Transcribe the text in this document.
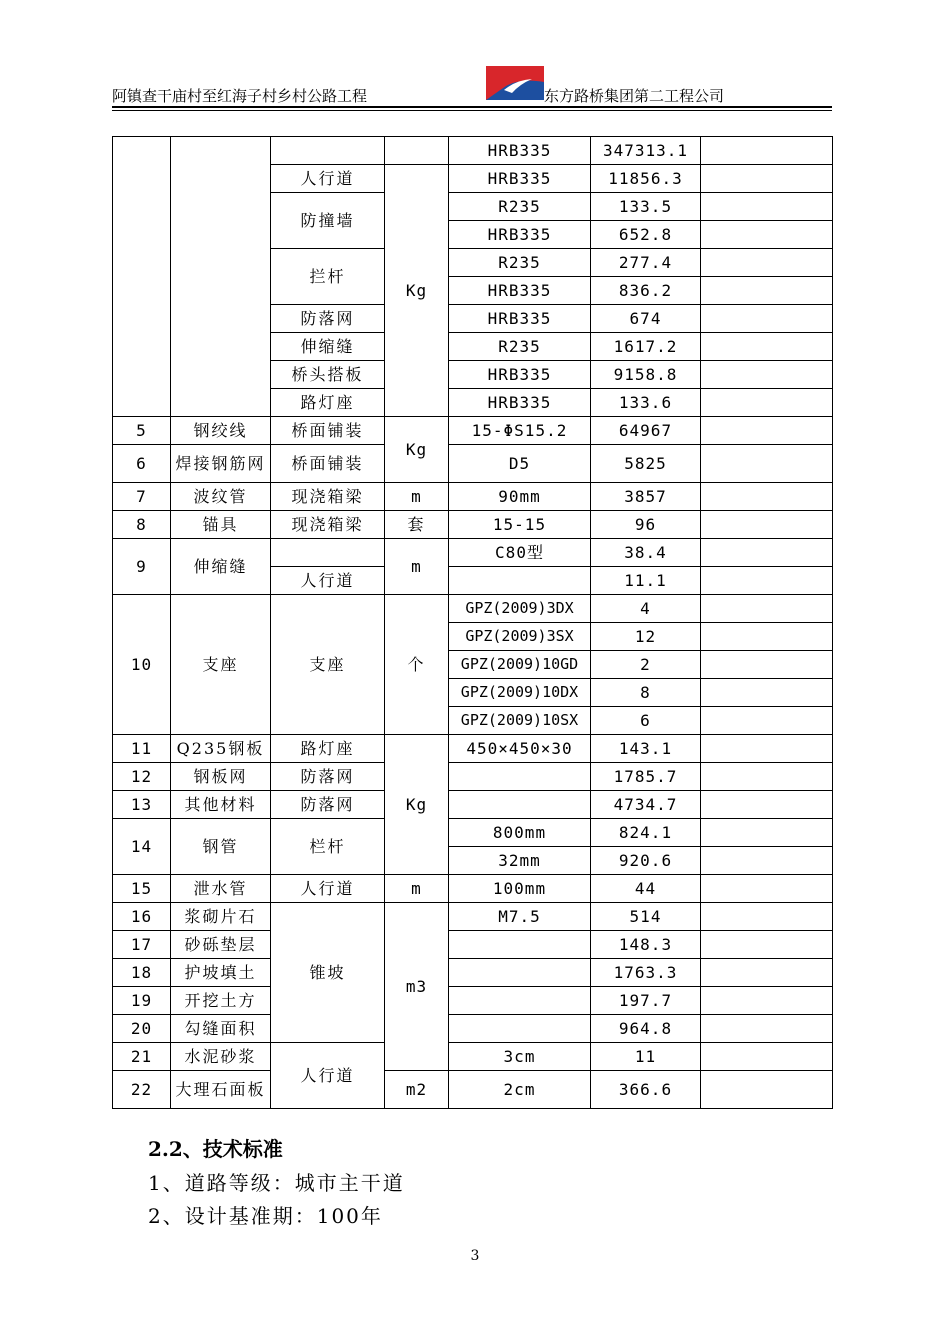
阿镇查干庙村至红海子村乡村公路工程	东方路桥集团第二工程公司
				HRB335	347313.1	
		人行道	Kg	HRB335	11856.3	
		防撞墙		R235	133.5	
				HRB335	652.8	
		拦杆		R235	277.4	
				HRB335	836.2	
		防落网		HRB335	674	
		伸缩缝		R235	1617.2	
		桥头搭板		HRB335	9158.8	
		路灯座		HRB335	133.6	
5	钢绞线	桥面铺装	Kg	15-ΦS15.2	64967	
6	焊接钢筋网	桥面铺装		D5	5825	
7	波纹管	现浇箱梁	m	90mm	3857	
8	锚具	现浇箱梁	套	15-15	96	
9	伸缩缝		m	C80型	38.4	
		人行道			11.1	
10	支座	支座	个	GPZ(2009)3DX	4	
				GPZ(2009)3SX	12	
				GPZ(2009)10GD	2	
				GPZ(2009)10DX	8	
				GPZ(2009)10SX	6	
11	Q235钢板	路灯座	Kg	450×450×30	143.1	
12	钢板网	防落网			1785.7	
13	其他材料	防落网			4734.7	
14	钢管	栏杆		800mm	824.1	
				32mm	920.6	
15	泄水管	人行道	m	100mm	44	
16	浆砌片石	锥坡	m3	M7.5	514	
17	砂砾垫层				148.3	
18	护坡填土				1763.3	
19	开挖土方				197.7	
20	勾缝面积				964.8	
21	水泥砂浆	人行道		3cm	11	
22	大理石面板		m2	2cm	366.6	
2.2、技术标准
1、道路等级：城市主干道
2、设计基准期：100年
3
